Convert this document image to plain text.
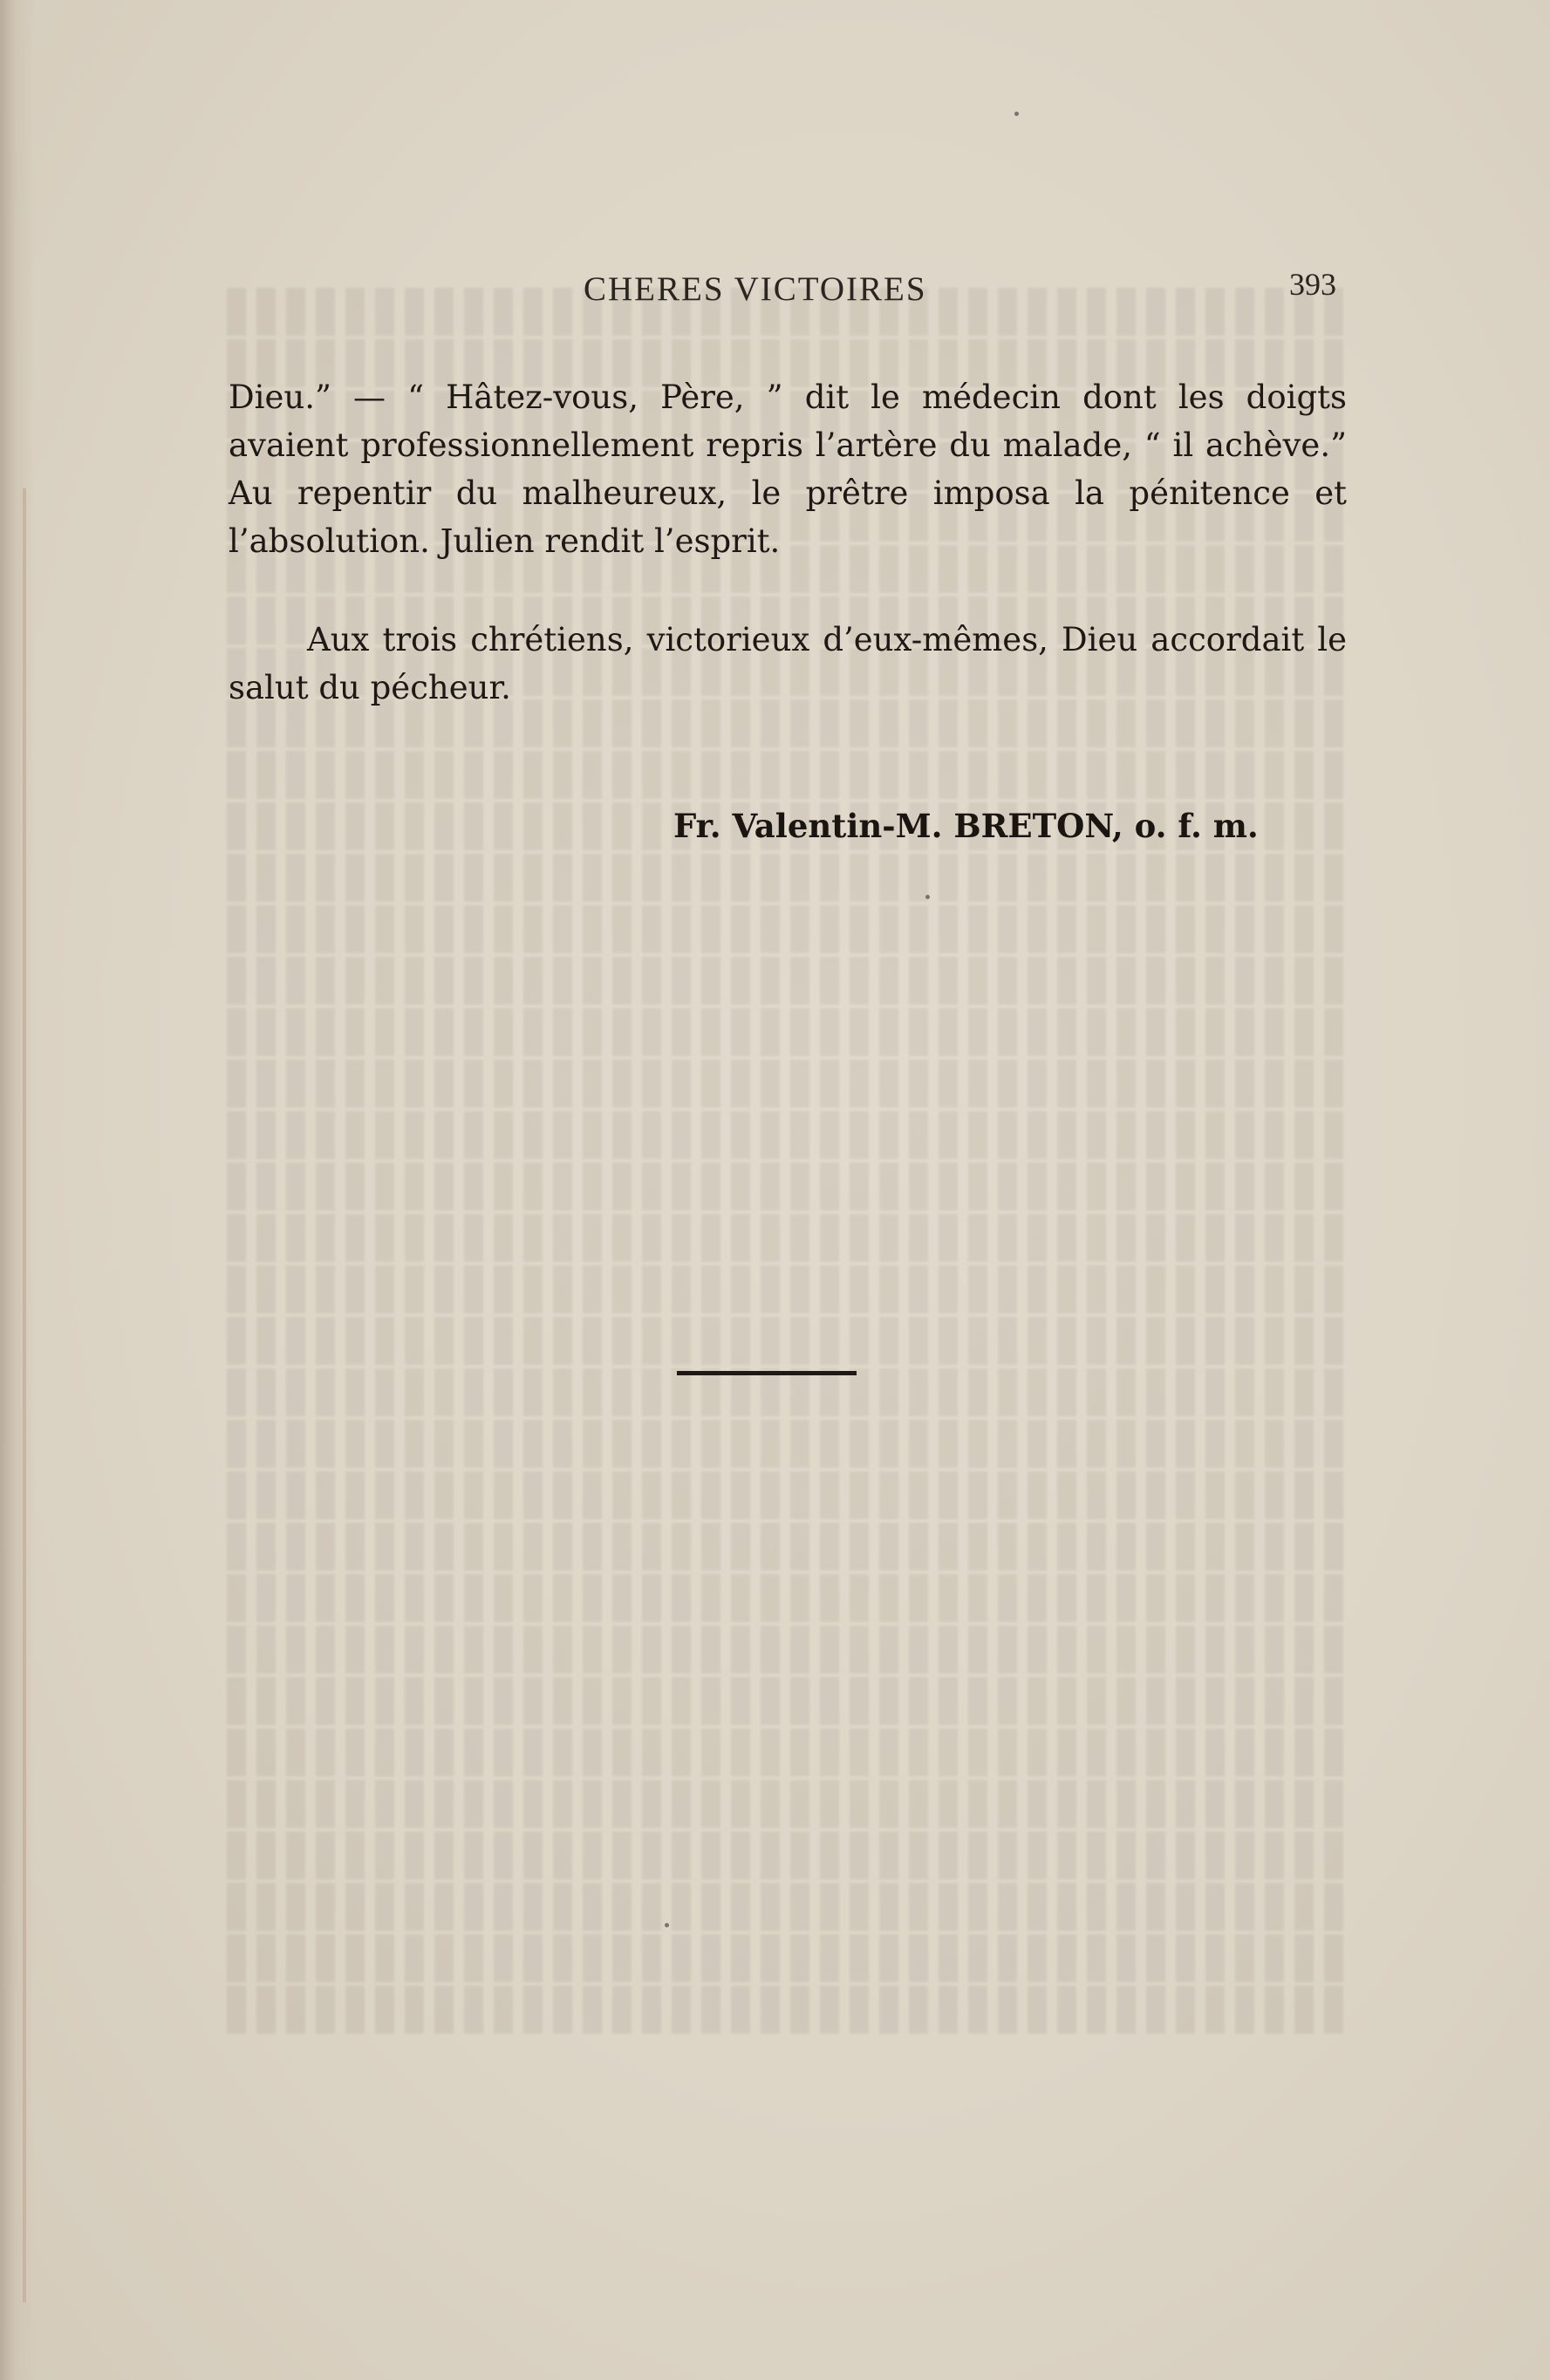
CHERES VICTOIRES	393

Dieu.” — “ Hâtez-vous, Père, ” dit le médecin dont les doigts avaient professionnellement repris l’artère du malade, “ il achève.” Au repentir du malheureux, le prêtre imposa la pénitence et l’absolution. Julien rendit l’esprit.

Aux trois chrétiens, victorieux d’eux-mêmes, Dieu accordait le salut du pécheur.

Fr. Valentin-M. BRETON, o. f. m.
